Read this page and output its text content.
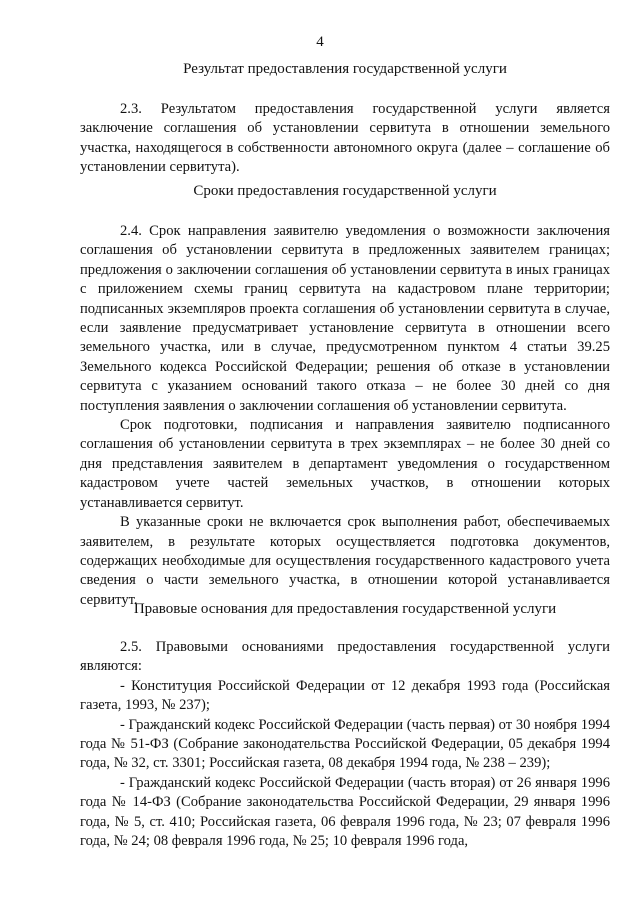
4

Результат предоставления государственной услуги

2.3. Результатом предоставления государственной услуги является заключение соглашения об установлении сервитута в отношении земельного участка, находящегося в собственности автономного округа (далее – соглашение об установлении сервитута).

Сроки предоставления государственной услуги

2.4. Срок направления заявителю уведомления о возможности заключения соглашения об установлении сервитута в предложенных заявителем границах; предложения о заключении соглашения об установлении сервитута в иных границах с приложением схемы границ сервитута на кадастровом плане территории; подписанных экземпляров проекта соглашения об установлении сервитута в случае, если заявление предусматривает установление сервитута в отношении всего земельного участка, или в случае, предусмотренном пунктом 4 статьи 39.25 Земельного кодекса Российской Федерации; решения об отказе в установлении сервитута с указанием оснований такого отказа – не более 30 дней со дня поступления заявления о заключении соглашения об установлении сервитута.

Срок подготовки, подписания и направления заявителю подписанного соглашения об установлении сервитута в трех экземплярах – не более 30 дней со дня представления заявителем в департамент уведомления о государственном кадастровом учете частей земельных участков, в отношении которых устанавливается сервитут.

В указанные сроки не включается срок выполнения работ, обеспечиваемых заявителем, в результате которых осуществляется подготовка документов, содержащих необходимые для осуществления государственного кадастрового учета сведения о части земельного участка, в отношении которой устанавливается сервитут.

Правовые основания для предоставления государственной услуги

2.5. Правовыми основаниями предоставления государственной услуги являются:

- Конституция Российской Федерации от 12 декабря 1993 года (Российская газета, 1993, № 237);

- Гражданский кодекс Российской Федерации (часть первая) от 30 ноября 1994 года № 51-ФЗ (Собрание законодательства Российской Федерации, 05 декабря 1994 года, № 32, ст. 3301; Российская газета, 08 декабря 1994 года, № 238 – 239);

- Гражданский кодекс Российской Федерации (часть вторая) от 26 января 1996 года № 14-ФЗ (Собрание законодательства Российской Федерации, 29 января 1996 года, № 5, ст. 410; Российская газета, 06 февраля 1996 года, № 23; 07 февраля 1996 года, № 24; 08 февраля 1996 года, № 25; 10 февраля 1996 года,
